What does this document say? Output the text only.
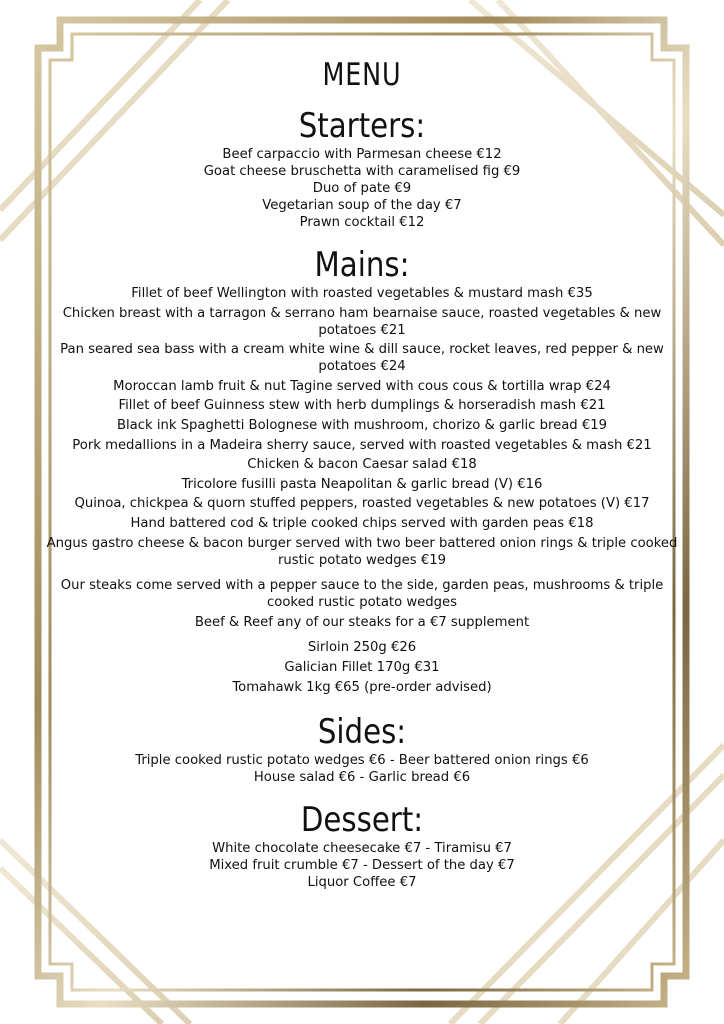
MENU
Starters:

Beef carpaccio with Parmesan cheese €12

Goat cheese bruschetta with caramelised fig €9

Duo of pate €9

Vegetarian soup of the day €7

Prawn cocktail €12

Mains:

Fillet of beef Wellington with roasted vegetables & mustard mash €35

Chicken breast with a tarragon & serrano ham bearnaise sauce, roasted vegetables & new potatoes €21

Pan seared sea bass with a cream white wine & dill sauce, rocket leaves, red pepper & new potatoes €24

Moroccan lamb fruit & nut Tagine served with cous cous & tortilla wrap €24

Fillet of beef Guinness stew with herb dumplings & horseradish mash €21

Black ink Spaghetti Bolognese with mushroom, chorizo & garlic bread €19

Pork medallions in a Madeira sherry sauce, served with roasted vegetables & mash €21

Chicken & bacon Caesar salad €18

Tricolore fusilli pasta Neapolitan & garlic bread (V) €16

Quinoa, chickpea & quorn stuffed peppers, roasted vegetables & new potatoes (V) €17

Hand battered cod & triple cooked chips served with garden peas €18

Angus gastro cheese & bacon burger served with two beer battered onion rings & triple cooked rustic potato wedges €19

Our steaks come served with a pepper sauce to the side, garden peas, mushrooms & triple cooked rustic potato wedges

Beef & Reef any of our steaks for a €7 supplement

Sirloin 250g €26

Galician Fillet 170g €31

Tomahawk 1kg €65 (pre-order advised)

Sides:

Triple cooked rustic potato wedges €6 - Beer battered onion rings €6

House salad €6 - Garlic bread €6

Dessert:

White chocolate cheesecake €7 - Tiramisu €7

Mixed fruit crumble €7 - Dessert of the day €7

Liquor Coffee €7
